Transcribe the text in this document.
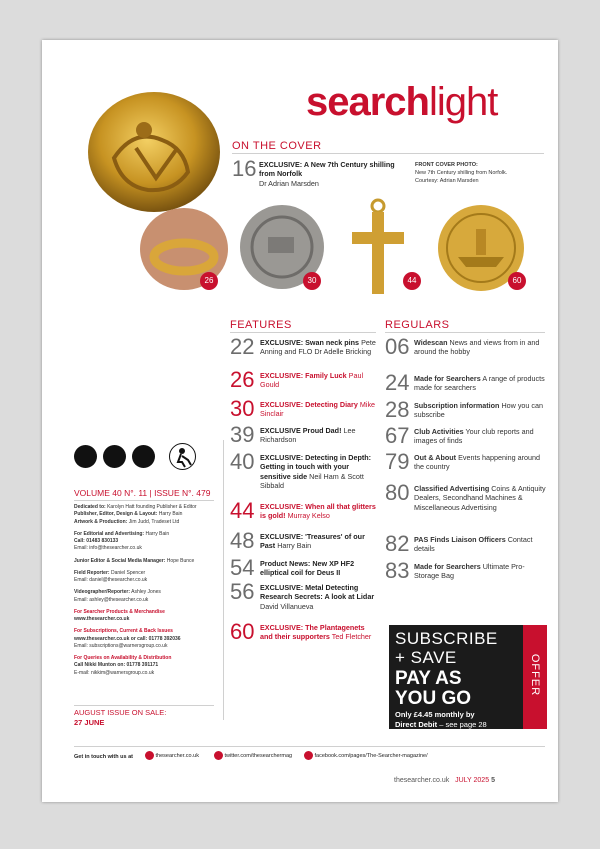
searchlight
ON THE COVER
16 EXCLUSIVE: A New 7th Century shilling from Norfolk
Dr Adrian Marsden
FRONT COVER PHOTO:
New 7th Century shilling from Norfolk. Courtesy: Adrian Marsden
26	30	44	60
FEATURES
22 EXCLUSIVE: Swan neck pins Pete Anning and FLO Dr Adelle Bricking
26 EXCLUSIVE: Family Luck Paul Gould
30 EXCLUSIVE: Detecting Diary Mike Sinclair
39 EXCLUSIVE Proud Dad! Lee Richardson
40 EXCLUSIVE: Detecting in Depth: Getting in touch with your sensitive side Neil Ham & Scott Sibbald
44 EXCLUSIVE: When all that glitters is gold! Murray Kelso
48 EXCLUSIVE: 'Treasures' of our Past Harry Bain
54 Product News: New XP HF2 elliptical coil for Deus II
56 EXCLUSIVE: Metal Detecting Research Secrets: A look at Lidar David Villanueva
60 EXCLUSIVE: The Plantagenets and their supporters Ted Fletcher
REGULARS
06 Widescan News and views from in and around the hobby
24 Made for Searchers A range of products made for searchers
28 Subscription information How you can subscribe
67 Club Activities Your club reports and images of finds
79 Out & About Events happening around the country
80 Classified Advertising Coins & Antiquity Dealers, Secondhand Machines & Miscellaneous Advertising
82 PAS Finds Liaison Officers Contact details
83 Made for Searchers Ultimate Pro-Storage Bag
VOLUME 40 N°. 11 | ISSUE N°. 479
Dedicated to: Karolyn Hatt founding Publisher & Editor
Publisher, Editor, Design & Layout: Harry Bain
Artwork & Production: Jim Judd, Tradeset Ltd
For Editorial and Advertising: Harry Bain
Call: 01483 830133
Email: info@thesearcher.co.uk
Junior Editor & Social Media Manager: Hope Bunce
Field Reporter: Daniel Spencer
Email: daniel@thesearcher.co.uk
Videographer/Reporter: Ashley Jones
Email: ashley@thesearcher.co.uk
For Searcher Products & Merchandise
www.thesearcher.co.uk
For Subscriptions, Current & Back Issues
www.thesearcher.co.uk or call: 01778 392036
Email: subscriptions@warnersgroup.co.uk
For Queries on Availability & Distribution
Call Nikki Munton on: 01778 391171
E-mail: nikkim@warnersgroup.co.uk
AUGUST ISSUE ON SALE:
27 JUNE
SUBSCRIBE
+ SAVE
PAY AS
YOU GO
Only £4.45 monthly by
Direct Debit – see page 28
OFFER
Get in touch with us at	thesearcher.co.uk	twitter.com/thesearchermag	facebook.com/pages/The-Searcher-magazine/
thesearcher.co.uk JULY 2025 5
